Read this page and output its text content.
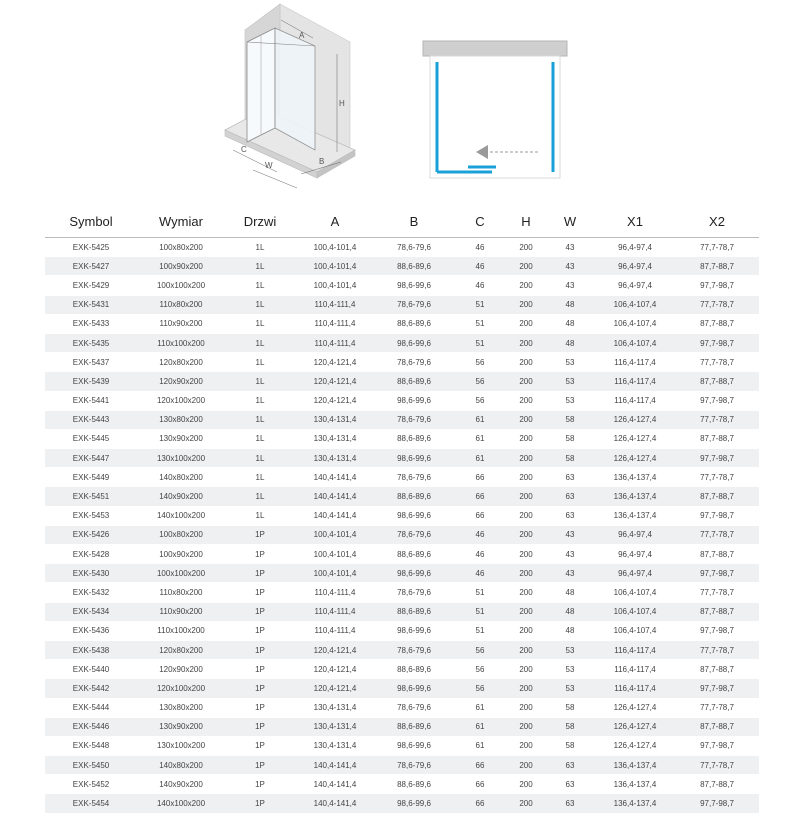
A
H
C
W	B
Symbol	Wymiar	Drzwi	A	B	C	H	W	X1	X2
EXK-5425	100x80x200	1L	100,4-101,4	78,6-79,6	46	200	43	96,4-97,4	77,7-78,7
EXK-5427	100x90x200	1L	100,4-101,4	88,6-89,6	46	200	43	96,4-97,4	87,7-88,7
EXK-5429	100x100x200	1L	100,4-101,4	98,6-99,6	46	200	43	96,4-97,4	97,7-98,7
EXK-5431	110x80x200	1L	110,4-111,4	78,6-79,6	51	200	48	106,4-107,4	77,7-78,7
EXK-5433	110x90x200	1L	110,4-111,4	88,6-89,6	51	200	48	106,4-107,4	87,7-88,7
EXK-5435	110x100x200	1L	110,4-111,4	98,6-99,6	51	200	48	106,4-107,4	97,7-98,7
EXK-5437	120x80x200	1L	120,4-121,4	78,6-79,6	56	200	53	116,4-117,4	77,7-78,7
EXK-5439	120x90x200	1L	120,4-121,4	88,6-89,6	56	200	53	116,4-117,4	87,7-88,7
EXK-5441	120x100x200	1L	120,4-121,4	98,6-99,6	56	200	53	116,4-117,4	97,7-98,7
EXK-5443	130x80x200	1L	130,4-131,4	78,6-79,6	61	200	58	126,4-127,4	77,7-78,7
EXK-5445	130x90x200	1L	130,4-131,4	88,6-89,6	61	200	58	126,4-127,4	87,7-88,7
EXK-5447	130x100x200	1L	130,4-131,4	98,6-99,6	61	200	58	126,4-127,4	97,7-98,7
EXK-5449	140x80x200	1L	140,4-141,4	78,6-79,6	66	200	63	136,4-137,4	77,7-78,7
EXK-5451	140x90x200	1L	140,4-141,4	88,6-89,6	66	200	63	136,4-137,4	87,7-88,7
EXK-5453	140x100x200	1L	140,4-141,4	98,6-99,6	66	200	63	136,4-137,4	97,7-98,7
EXK-5426	100x80x200	1P	100,4-101,4	78,6-79,6	46	200	43	96,4-97,4	77,7-78,7
EXK-5428	100x90x200	1P	100,4-101,4	88,6-89,6	46	200	43	96,4-97,4	87,7-88,7
EXK-5430	100x100x200	1P	100,4-101,4	98,6-99,6	46	200	43	96,4-97,4	97,7-98,7
EXK-5432	110x80x200	1P	110,4-111,4	78,6-79,6	51	200	48	106,4-107,4	77,7-78,7
EXK-5434	110x90x200	1P	110,4-111,4	88,6-89,6	51	200	48	106,4-107,4	87,7-88,7
EXK-5436	110x100x200	1P	110,4-111,4	98,6-99,6	51	200	48	106,4-107,4	97,7-98,7
EXK-5438	120x80x200	1P	120,4-121,4	78,6-79,6	56	200	53	116,4-117,4	77,7-78,7
EXK-5440	120x90x200	1P	120,4-121,4	88,6-89,6	56	200	53	116,4-117,4	87,7-88,7
EXK-5442	120x100x200	1P	120,4-121,4	98,6-99,6	56	200	53	116,4-117,4	97,7-98,7
EXK-5444	130x80x200	1P	130,4-131,4	78,6-79,6	61	200	58	126,4-127,4	77,7-78,7
EXK-5446	130x90x200	1P	130,4-131,4	88,6-89,6	61	200	58	126,4-127,4	87,7-88,7
EXK-5448	130x100x200	1P	130,4-131,4	98,6-99,6	61	200	58	126,4-127,4	97,7-98,7
EXK-5450	140x80x200	1P	140,4-141,4	78,6-79,6	66	200	63	136,4-137,4	77,7-78,7
EXK-5452	140x90x200	1P	140,4-141,4	88,6-89,6	66	200	63	136,4-137,4	87,7-88,7
EXK-5454	140x100x200	1P	140,4-141,4	98,6-99,6	66	200	63	136,4-137,4	97,7-98,7
